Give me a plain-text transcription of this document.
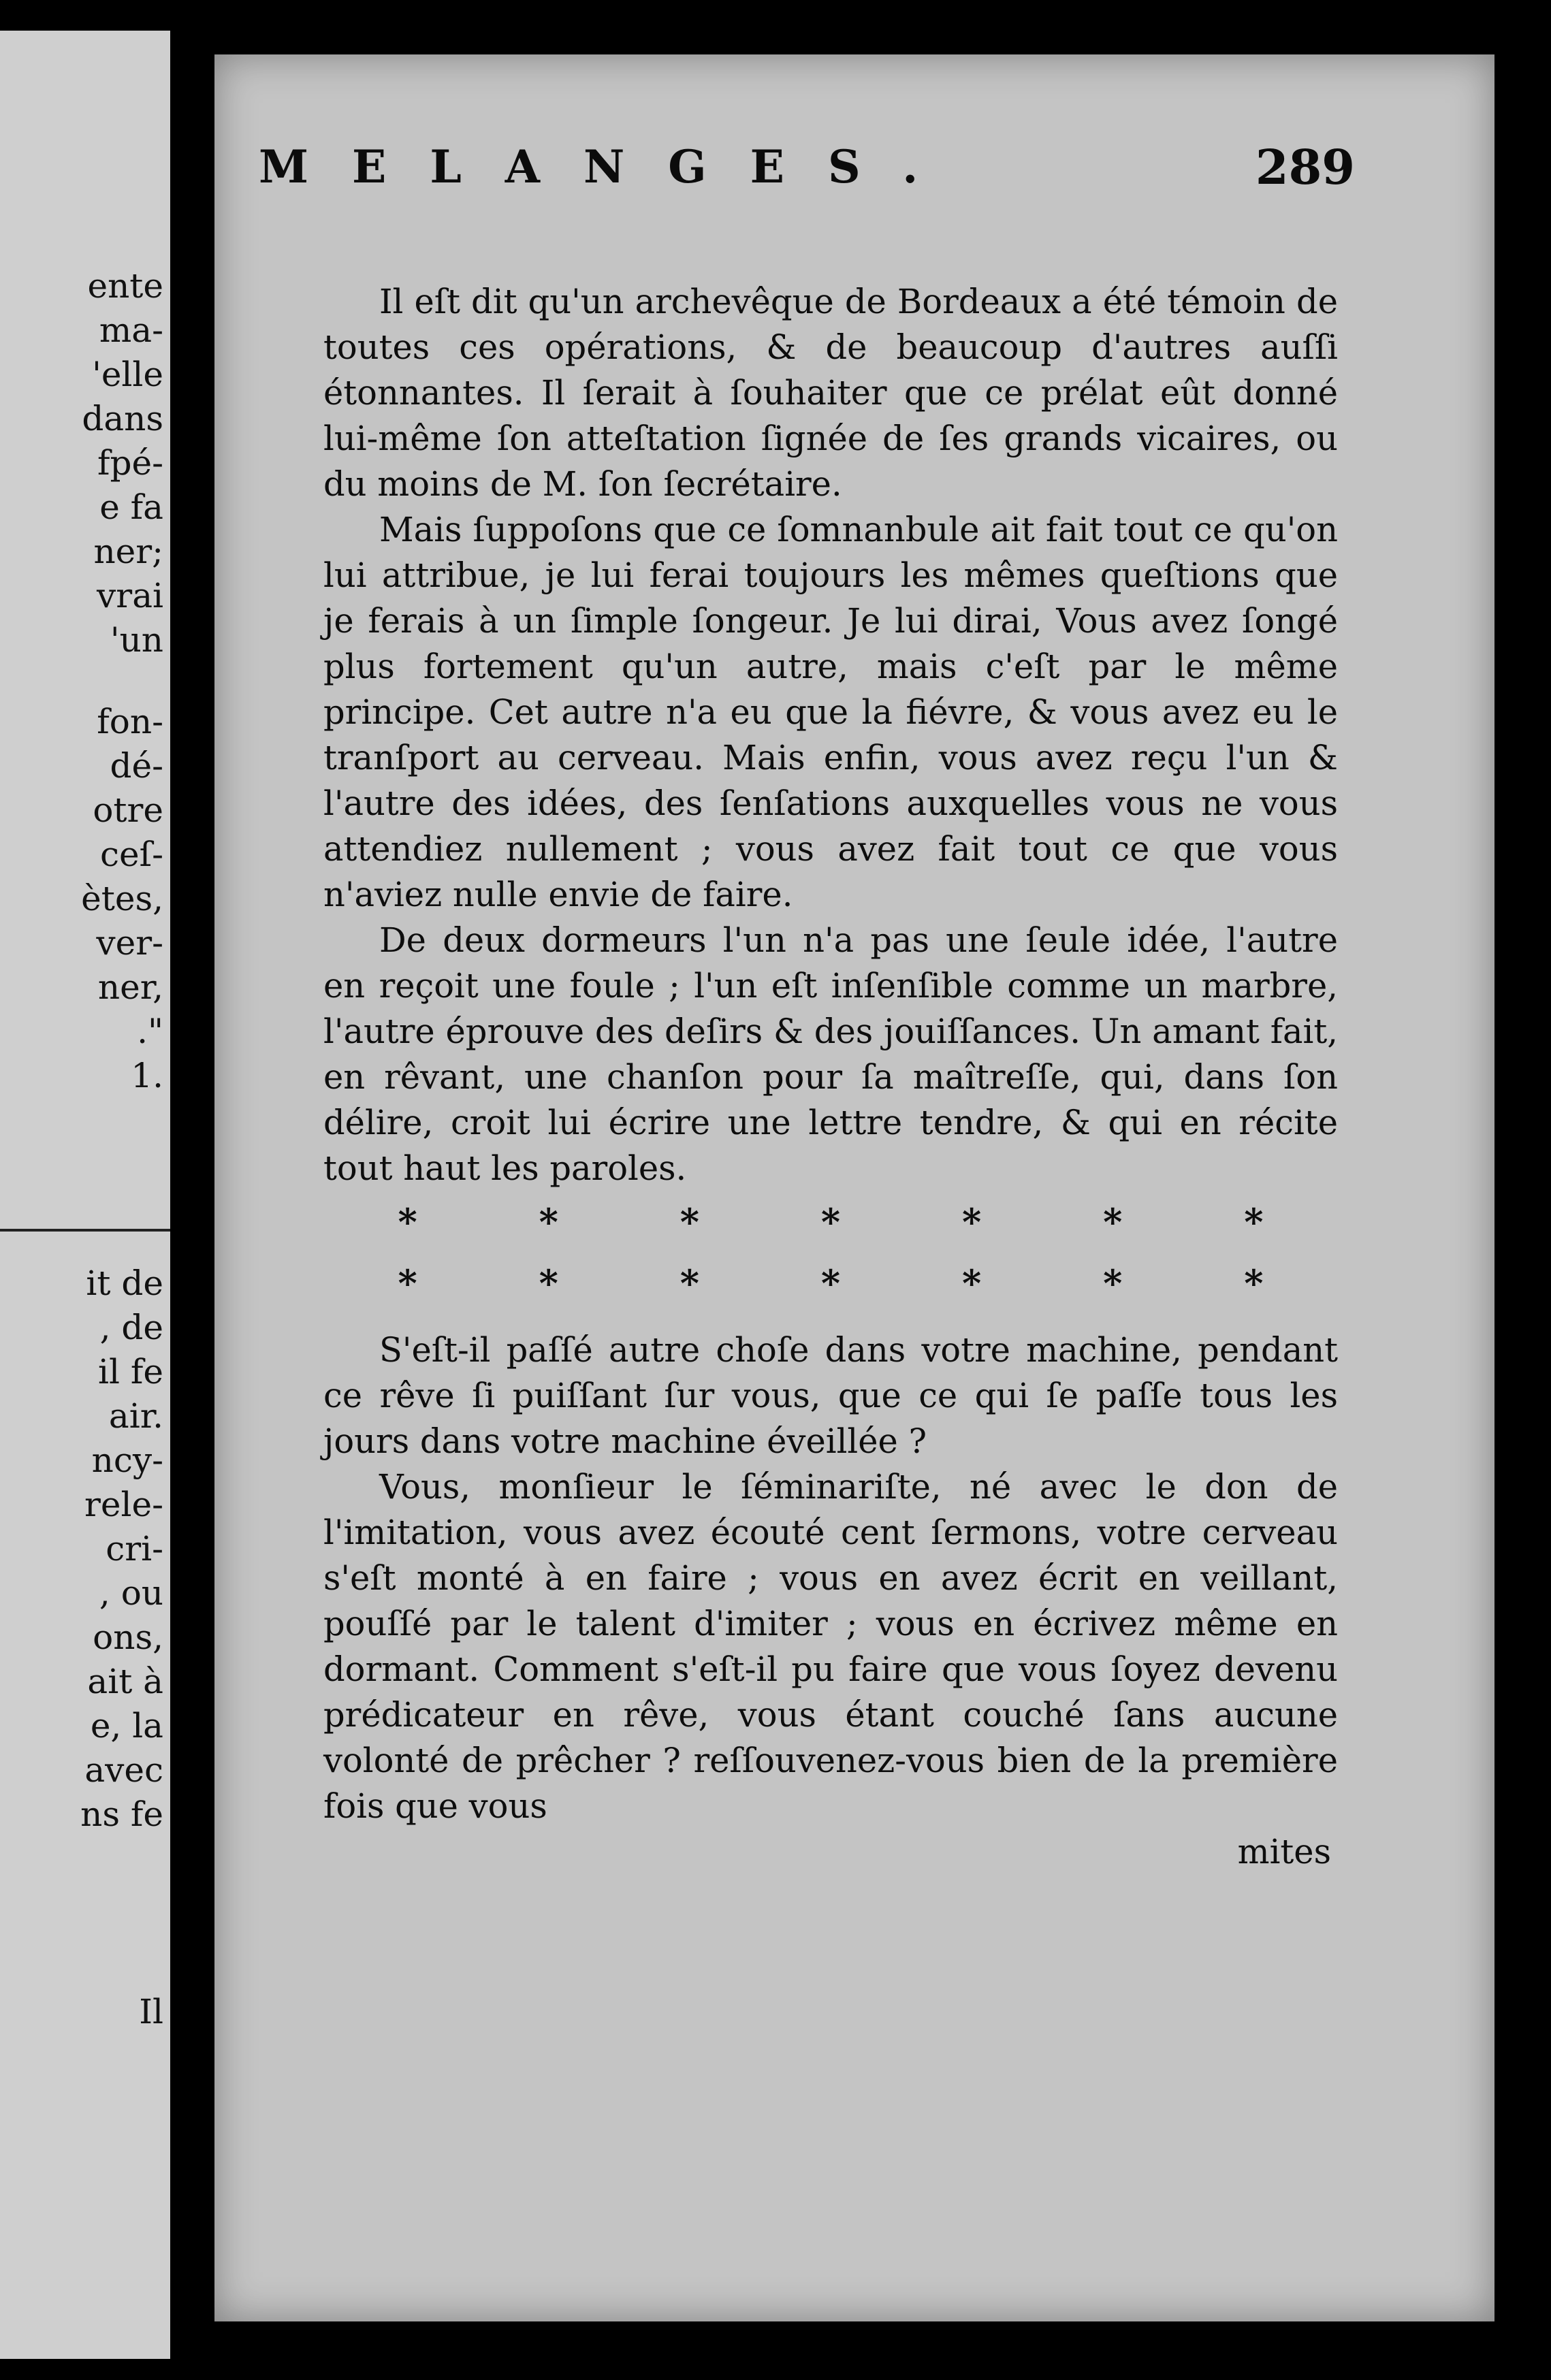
ente
ma-
'elle
dans
fpé-
e fa
ner;
vrai
'un
fon-
dé-
otre
ceſ-
ètes,
ver-
ner,
."
1.
it de
, de
il fe
air.
ncy-
rele-
cri-
, ou
ons,
ait à
e, la
avec
ns fe
Il
MELANGES.	289

Il eſt dit qu'un archevêque de Bordeaux a été témoin de toutes ces opérations, & de beaucoup d'autres auſſi étonnantes. Il ſerait à ſouhaiter que ce prélat eût donné lui-même ſon atteſtation ſignée de ſes grands vicaires, ou du moins de M. ſon ſecrétaire.

Mais ſuppoſons que ce ſomnanbule ait fait tout ce qu'on lui attribue, je lui ferai toujours les mêmes queſtions que je ferais à un ſimple ſongeur. Je lui dirai, Vous avez ſongé plus fortement qu'un autre, mais c'eſt par le même principe. Cet autre n'a eu que la fiévre, & vous avez eu le tranſport au cerveau. Mais enfin, vous avez reçu l'un & l'autre des idées, des ſenſations auxquelles vous ne vous attendiez nullement ; vous avez fait tout ce que vous n'aviez nulle envie de faire.

De deux dormeurs l'un n'a pas une ſeule idée, l'autre en reçoit une foule ; l'un eſt inſenſible comme un marbre, l'autre éprouve des deſirs & des jouiſſances. Un amant fait, en rêvant, une chanſon pour ſa maîtreſſe, qui, dans ſon délire, croit lui écrire une lettre tendre, & qui en récite tout haut les paroles.

*	*	*	*	*	*	*
*	*	*	*	*	*	*

S'eſt-il paſſé autre choſe dans votre machine, pendant ce rêve ſi puiſſant ſur vous, que ce qui ſe paſſe tous les jours dans votre machine éveillée ?

Vous, monſieur le ſéminariſte, né avec le don de l'imitation, vous avez écouté cent ſermons, votre cerveau s'eſt monté à en faire ; vous en avez écrit en veillant, pouſſé par le talent d'imiter ; vous en écrivez même en dormant. Comment s'eſt-il pu faire que vous ſoyez devenu prédicateur en rêve, vous étant couché ſans aucune volonté de prêcher ? reſſouvenez-vous bien de la première fois que vous

mites
